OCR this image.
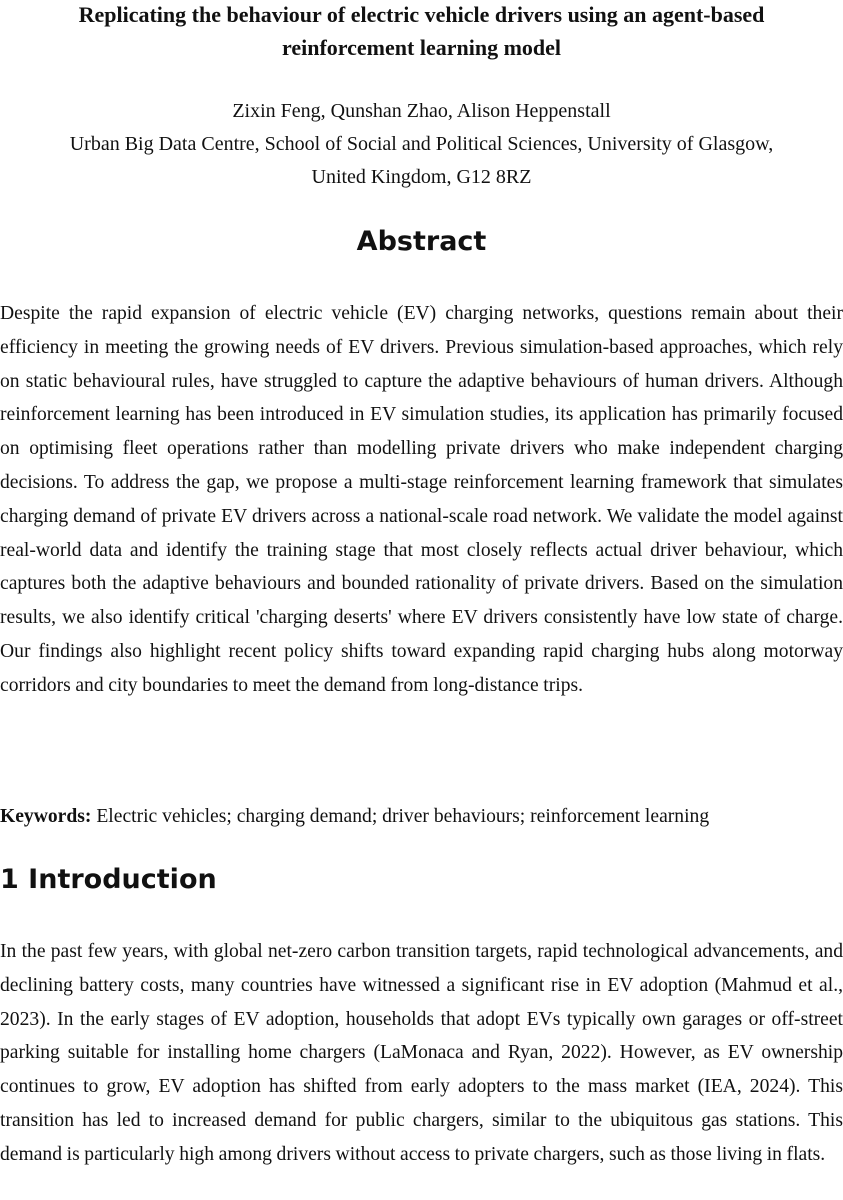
Replicating the behaviour of electric vehicle drivers using an agent-based
reinforcement learning model
Zixin Feng, Qunshan Zhao, Alison Heppenstall
Urban Big Data Centre, School of Social and Political Sciences, University of Glasgow,
United Kingdom, G12 8RZ
Abstract

Despite the rapid expansion of electric vehicle (EV) charging networks, questions remain about their efficiency in meeting the growing needs of EV drivers. Previous simulation-based approaches, which rely on static behavioural rules, have struggled to capture the adaptive behaviours of human drivers. Although reinforcement learning has been introduced in EV simulation studies, its application has primarily focused on optimising fleet operations rather than modelling private drivers who make independent charging decisions. To address the gap, we propose a multi-stage reinforcement learning framework that simulates charging demand of private EV drivers across a national-scale road network. We validate the model against real-world data and identify the training stage that most closely reflects actual driver behaviour, which captures both the adaptive behaviours and bounded rationality of private drivers. Based on the simulation results, we also identify critical 'charging deserts' where EV drivers consistently have low state of charge. Our findings also highlight recent policy shifts toward expanding rapid charging hubs along motorway corridors and city boundaries to meet the demand from long-distance trips.

Keywords: Electric vehicles; charging demand; driver behaviours; reinforcement learning
1 Introduction

In the past few years, with global net-zero carbon transition targets, rapid technological advancements, and declining battery costs, many countries have witnessed a significant rise in EV adoption (Mahmud et al., 2023). In the early stages of EV adoption, households that adopt EVs typically own garages or off-street parking suitable for installing home chargers (LaMonaca and Ryan, 2022). However, as EV ownership continues to grow, EV adoption has shifted from early adopters to the mass market (IEA, 2024). This transition has led to increased demand for public chargers, similar to the ubiquitous gas stations. This demand is particularly high among drivers without access to private chargers, such as those living in flats.
